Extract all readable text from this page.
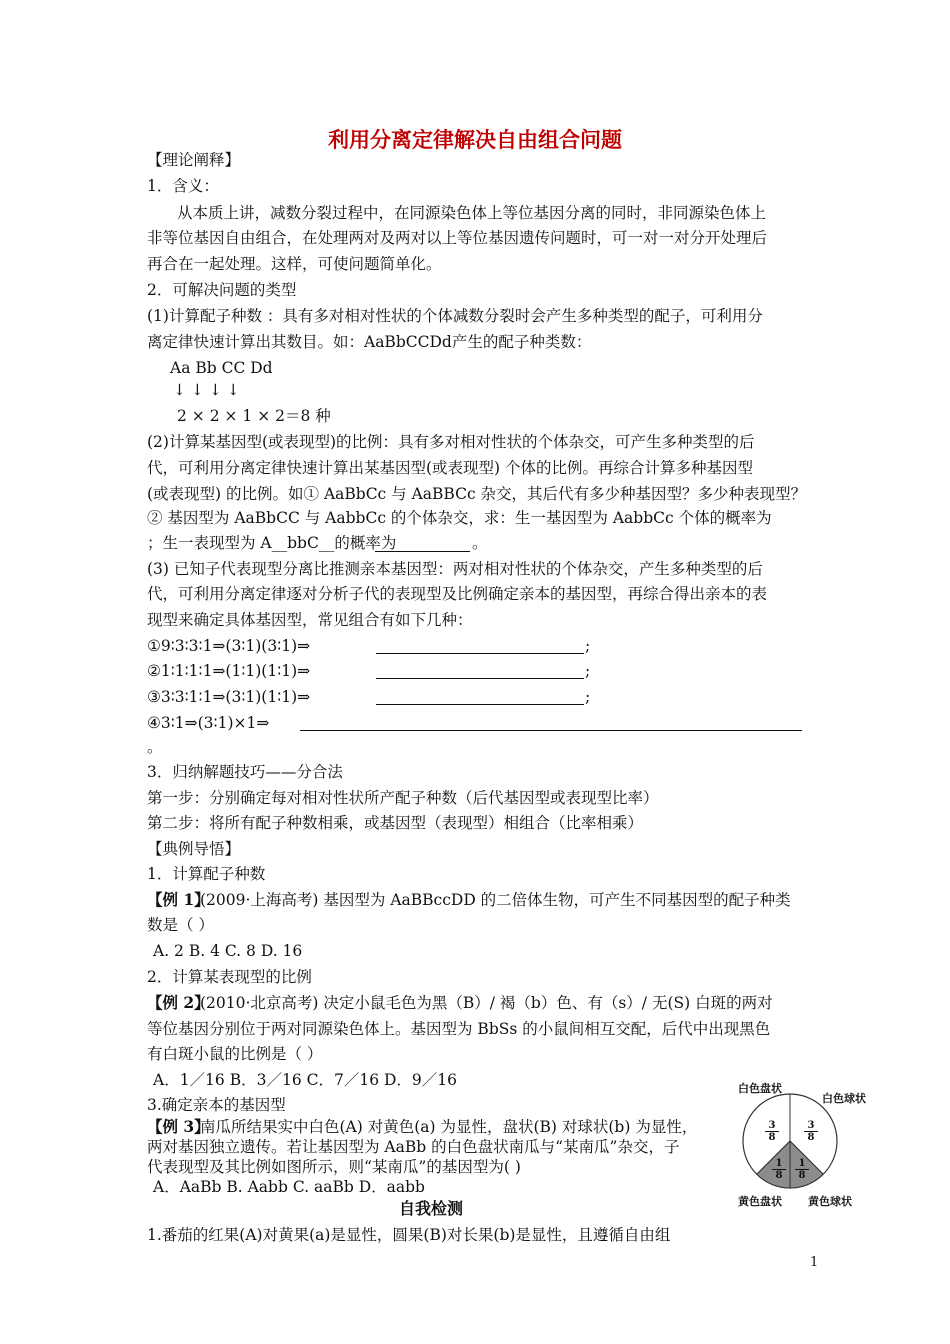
利用分离定律解决自由组合问题
【理论阐释】
1．含义：
从本质上讲，减数分裂过程中，在同源染色体上等位基因分离的同时，非同源染色体上
非等位基因自由组合，在处理两对及两对以上等位基因遗传问题时，可一对一对分开处理后
再合在一起处理。这样，可使问题简单化。
2．可解决问题的类型
(1)计算配子种数 ：具有多对相对性状的个体减数分裂时会产生多种类型的配子，可利用分
离定律快速计算出其数目。如：AaBbCCDd产生的配子种类数：
Aa Bb CC Dd
↓ ↓ ↓ ↓
2 × 2 × 1 × 2＝8 种
(2)计算某基因型(或表现型)的比例：具有多对相对性状的个体杂交，可产生多种类型的后
代，可利用分离定律快速计算出某基因型(或表现型) 个体的比例。再综合计算多种基因型
(或表现型) 的比例。如① AaBbCc 与 AaBBCc 杂交，其后代有多少种基因型？多少种表现型？
② 基因型为 AaBbCC 与 AabbCc 的个体杂交，求：生一基因型为 AabbCc 个体的概率为
；生一表现型为 A__bbC__的概率为	。
(3) 已知子代表现型分离比推测亲本基因型：两对相对性状的个体杂交，产生多种类型的后
代，可利用分离定律逐对分析子代的表现型及比例确定亲本的基因型，再综合得出亲本的表
现型来确定具体基因型，常见组合有如下几种：
①9∶3∶3∶1⇒(3∶1)(3∶1)⇒
②1∶1∶1∶1⇒(1∶1)(1∶1)⇒
③3∶3∶1∶1⇒(3∶1)(1∶1)⇒
④3∶1⇒(3∶1)×1⇒
。
3．归纳解题技巧——分合法
第一步：分别确定每对相对性状所产配子种数（后代基因型或表现型比率）
第二步：将所有配子种数相乘，或基因型（表现型）相组合（比率相乘）
【典例导悟】
1．计算配子种数
【例 1】
(2009·上海高考) 基因型为 AaBBccDD 的二倍体生物，可产生不同基因型的配子种类
数是（ ）
A. 2 B. 4 C. 8 D. 16
2．计算某表现型的比例
【例 2】
(2010·北京高考) 决定小鼠毛色为黑（B）/ 褐（b）色、有（s）/ 无(S) 白斑的两对
等位基因分别位于两对同源染色体上。基因型为 BbSs 的小鼠间相互交配，后代中出现黑色
有白斑小鼠的比例是（ ）
A．1／16 B．3／16 C．7／16 D．9／16
3.确定亲本的基因型
【例 3】
南瓜所结果实中白色(A) 对黄色(a) 为显性，盘状(B) 对球状(b) 为显性，
两对基因独立遗传。若让基因型为 AaBb 的白色盘状南瓜与“某南瓜”杂交，子
代表现型及其比例如图所示，则“某南瓜”的基因型为( )
A．AaBb B. Aabb C. aaBb D．aabb
自我检测
1.番茄的红果(A)对黄果(a)是显性，圆果(B)对长果(b)是显性，且遵循自由组
;
;
;
白色盘状
白色球状
黄色盘状 黄色球状
3
8
3
8
1
8
1
8
1
